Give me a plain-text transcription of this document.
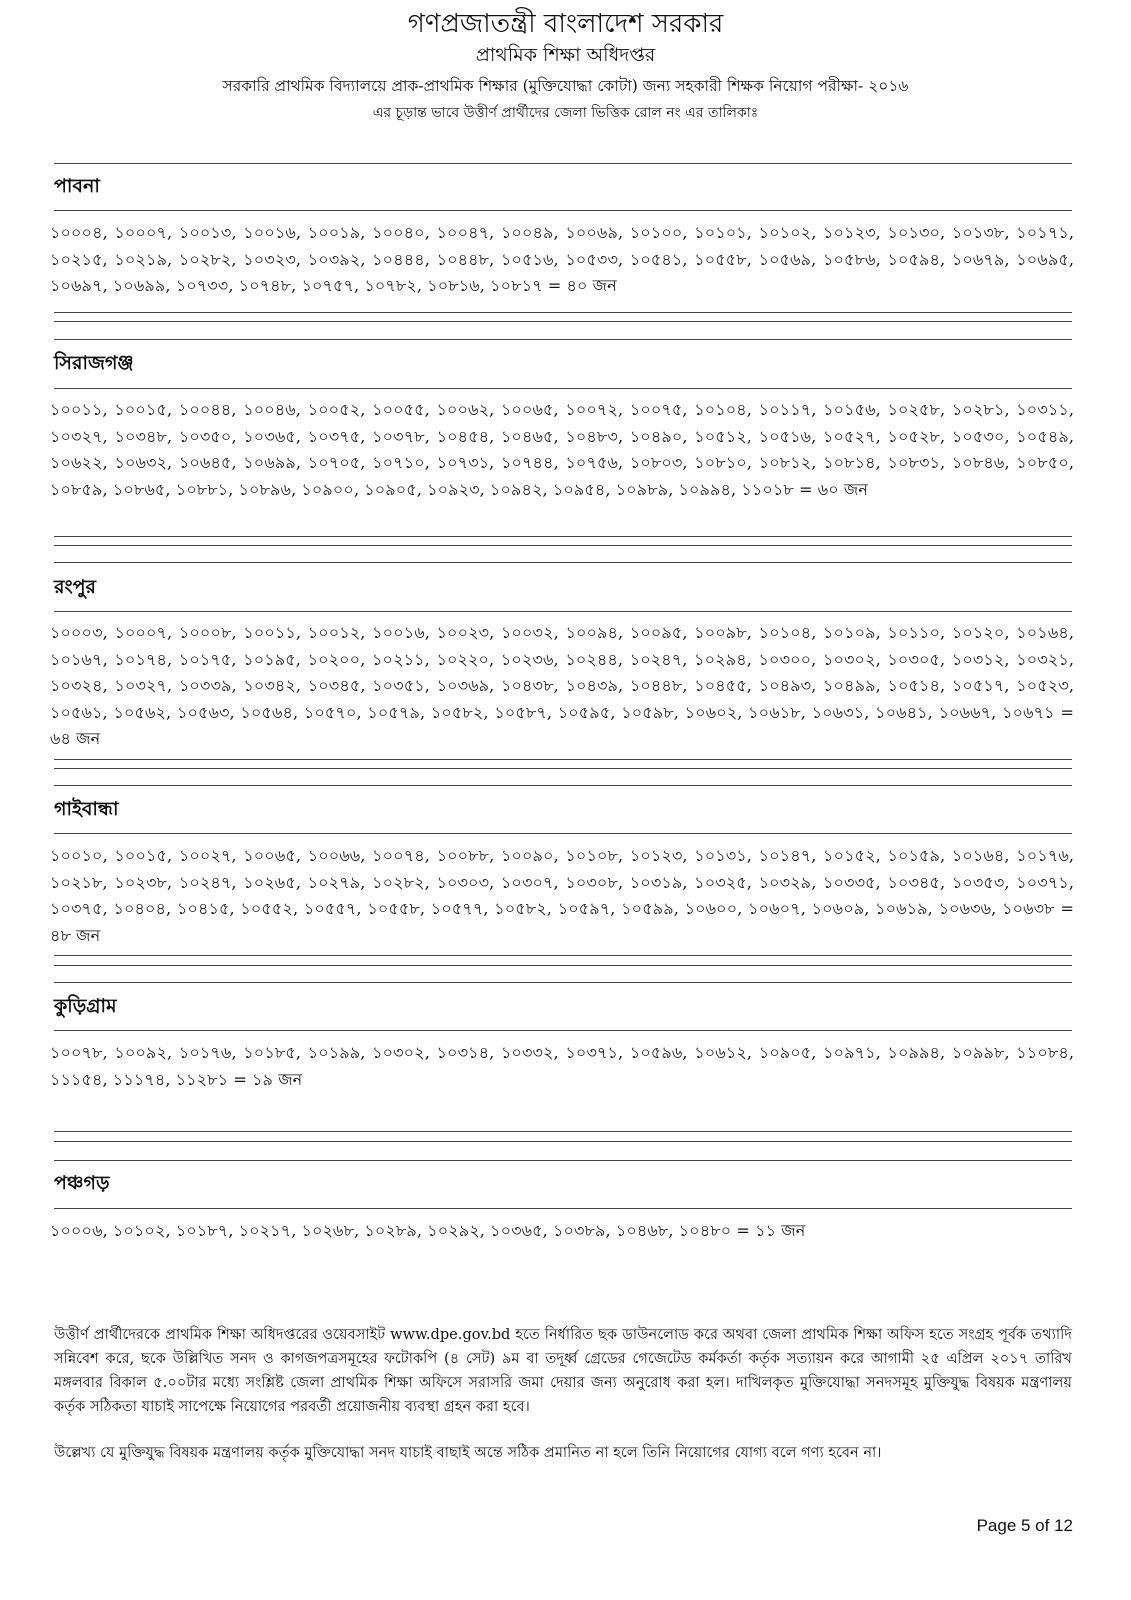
গণপ্রজাতন্ত্রী বাংলাদেশ সরকার
প্রাথমিক শিক্ষা অধিদপ্তর
সরকারি প্রাথমিক বিদ্যালয়ে প্রাক-প্রাথমিক শিক্ষার (মুক্তিযোদ্ধা কোটা) জন্য সহকারী শিক্ষক নিয়োগ পরীক্ষা- ২০১৬
এর চূড়ান্ত ভাবে উত্তীর্ণ প্রার্থীদের জেলা ভিত্তিক রোল নং এর তালিকাঃ
পাবনা
১০০০৪, ১০০০৭, ১০০১৩, ১০০১৬, ১০০১৯, ১০০৪০, ১০০৪৭, ১০০৪৯, ১০০৬৯, ১০১০০, ১০১০১, ১০১০২, ১০১২৩, ১০১৩০, ১০১৩৮, ১০১৭১, ১০২১৫, ১০২১৯, ১০২৮২, ১০৩২৩, ১০৩৯২, ১০৪৪৪, ১০৪৪৮, ১০৫১৬, ১০৫৩৩, ১০৫৪১, ১০৫৫৮, ১০৫৬৯, ১০৫৮৬, ১০৫৯৪, ১০৬৭৯, ১০৬৯৫, ১০৬৯৭, ১০৬৯৯, ১০৭৩৩, ১০৭৪৮, ১০৭৫৭, ১০৭৮২, ১০৮১৬, ১০৮১৭ = ৪০ জন
সিরাজগঞ্জ
১০০১১, ১০০১৫, ১০০৪৪, ১০০৪৬, ১০০৫২, ১০০৫৫, ১০০৬২, ১০০৬৫, ১০০৭২, ১০০৭৫, ১০১০৪, ১০১১৭, ১০১৫৬, ১০২৫৮, ১০২৮১, ১০৩১১, ১০৩২৭, ১০৩৪৮, ১০৩৫০, ১০৩৬৫, ১০৩৭৫, ১০৩৭৮, ১০৪৫৪, ১০৪৬৫, ১০৪৮৩, ১০৪৯০, ১০৫১২, ১০৫১৬, ১০৫২৭, ১০৫২৮, ১০৫৩০, ১০৫৪৯, ১০৬২২, ১০৬৩২, ১০৬৪৫, ১০৬৯৯, ১০৭০৫, ১০৭১০, ১০৭৩১, ১০৭৪৪, ১০৭৫৬, ১০৮০৩, ১০৮১০, ১০৮১২, ১০৮১৪, ১০৮৩১, ১০৮৪৬, ১০৮৫০, ১০৮৫৯, ১০৮৬৫, ১০৮৮১, ১০৮৯৬, ১০৯০০, ১০৯০৫, ১০৯২৩, ১০৯৪২, ১০৯৫৪, ১০৯৮৯, ১০৯৯৪, ১১০১৮ = ৬০ জন
রংপুর
১০০০৩, ১০০০৭, ১০০০৮, ১০০১১, ১০০১২, ১০০১৬, ১০০২৩, ১০০৩২, ১০০৯৪, ১০০৯৫, ১০০৯৮, ১০১০৪, ১০১০৯, ১০১১০, ১০১২০, ১০১৬৪, ১০১৬৭, ১০১৭৪, ১০১৭৫, ১০১৯৫, ১০২০০, ১০২১১, ১০২২০, ১০২৩৬, ১০২৪৪, ১০২৪৭, ১০২৯৪, ১০৩০০, ১০৩০২, ১০৩০৫, ১০৩১২, ১০৩২১, ১০৩২৪, ১০৩২৭, ১০৩৩৯, ১০৩৪২, ১০৩৪৫, ১০৩৫১, ১০৩৬৯, ১০৪৩৮, ১০৪৩৯, ১০৪৪৮, ১০৪৫৫, ১০৪৯৩, ১০৪৯৯, ১০৫১৪, ১০৫১৭, ১০৫২৩, ১০৫৬১, ১০৫৬২, ১০৫৬৩, ১০৫৬৪, ১০৫৭০, ১০৫৭৯, ১০৫৮২, ১০৫৮৭, ১০৫৯৫, ১০৫৯৮, ১০৬০২, ১০৬১৮, ১০৬৩১, ১০৬৪১, ১০৬৬৭, ১০৬৭১ = ৬৪ জন
গাইবান্ধা
১০০১০, ১০০১৫, ১০০২৭, ১০০৬৫, ১০০৬৬, ১০০৭৪, ১০০৮৮, ১০০৯০, ১০১০৮, ১০১২৩, ১০১৩১, ১০১৪৭, ১০১৫২, ১০১৫৯, ১০১৬৪, ১০১৭৬, ১০২১৮, ১০২৩৮, ১০২৪৭, ১০২৬৫, ১০২৭৯, ১০২৮২, ১০৩০৩, ১০৩০৭, ১০৩০৮, ১০৩১৯, ১০৩২৫, ১০৩২৯, ১০৩৩৫, ১০৩৪৫, ১০৩৫৩, ১০৩৭১, ১০৩৭৫, ১০৪০৪, ১০৪১৫, ১০৫৫২, ১০৫৫৭, ১০৫৫৮, ১০৫৭৭, ১০৫৮২, ১০৫৯৭, ১০৫৯৯, ১০৬০০, ১০৬০৭, ১০৬০৯, ১০৬১৯, ১০৬৩৬, ১০৬৩৮ = ৪৮ জন
কুড়িগ্রাম
১০০৭৮, ১০০৯২, ১০১৭৬, ১০১৮৫, ১০১৯৯, ১০৩০২, ১০৩১৪, ১০৩৩২, ১০৩৭১, ১০৫৯৬, ১০৬১২, ১০৯০৫, ১০৯৭১, ১০৯৯৪, ১০৯৯৮, ১১০৮৪, ১১১৫৪, ১১১৭৪, ১১২৮১ = ১৯ জন
পঞ্চগড়
১০০০৬, ১০১০২, ১০১৮৭, ১০২১৭, ১০২৬৮, ১০২৮৯, ১০২৯২, ১০৩৬৫, ১০৩৮৯, ১০৪৬৮, ১০৪৮০ = ১১ জন
উত্তীর্ণ প্রার্থীদেরকে প্রাথমিক শিক্ষা অধিদপ্তরের ওয়েবসাইট www.dpe.gov.bd হতে নির্ধারিত ছক ডাউনলোড করে অথবা জেলা প্রাথমিক শিক্ষা অফিস হতে সংগ্রহ পূর্বক তথ্যাদি সন্নিবেশ করে, ছকে উল্লিখিত সনদ ও কাগজপত্রসমূহের ফটোকপি (৪ সেট) ৯ম বা তদূর্ধ্ব গ্রেডের গেজেটেড কর্মকর্তা কর্তৃক সত্যায়ন করে আগামী ২৫ এপ্রিল ২০১৭ তারিখ মঙ্গলবার বিকাল ৫.০০টার মধ্যে সংশ্লিষ্ট জেলা প্রাথমিক শিক্ষা অফিসে সরাসরি জমা দেয়ার জন্য অনুরোধ করা হল। দাখিলকৃত মুক্তিযোদ্ধা সনদসমূহ মুক্তিযুদ্ধ বিষয়ক মন্ত্রণালয় কর্তৃক সঠিকতা যাচাই সাপেক্ষে নিয়োগের পরবর্তী প্রয়োজনীয় ব্যবস্থা গ্রহন করা হবে।
উল্লেখ্য যে মুক্তিযুদ্ধ বিষয়ক মন্ত্রণালয় কর্তৃক মুক্তিযোদ্ধা সনদ যাচাই বাছাই অন্তে সঠিক প্রমানিত না হলে তিনি নিয়োগের যোগ্য বলে গণ্য হবেন না।
Page 5 of 12
